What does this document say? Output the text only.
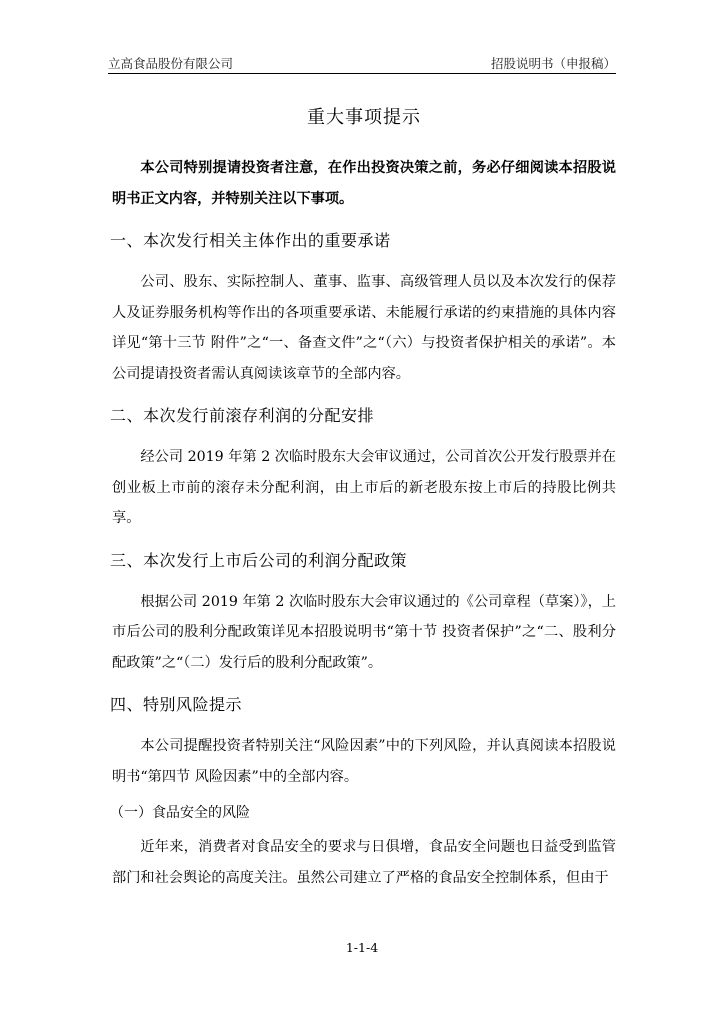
立高食品股份有限公司	招股说明书（申报稿）
重大事项提示

本公司特别提请投资者注意，在作出投资决策之前，务必仔细阅读本招股说明书正文内容，并特别关注以下事项。

一、本次发行相关主体作出的重要承诺

公司、股东、实际控制人、董事、监事、高级管理人员以及本次发行的保荐人及证券服务机构等作出的各项重要承诺、未能履行承诺的约束措施的具体内容详见“第十三节 附件”之“一、备查文件”之“（六）与投资者保护相关的承诺”。本公司提请投资者需认真阅读该章节的全部内容。

二、本次发行前滚存利润的分配安排

经公司 2019 年第 2 次临时股东大会审议通过，公司首次公开发行股票并在创业板上市前的滚存未分配利润，由上市后的新老股东按上市后的持股比例共享。

三、本次发行上市后公司的利润分配政策

根据公司 2019 年第 2 次临时股东大会审议通过的《公司章程（草案）》，上市后公司的股利分配政策详见本招股说明书“第十节 投资者保护”之“二、股利分配政策”之“（二）发行后的股利分配政策”。

四、特别风险提示

本公司提醒投资者特别关注“风险因素”中的下列风险，并认真阅读本招股说明书“第四节 风险因素”中的全部内容。

（一）食品安全的风险

近年来，消费者对食品安全的要求与日俱增，食品安全问题也日益受到监管部门和社会舆论的高度关注。虽然公司建立了严格的食品安全控制体系，但由于

1-1-4
